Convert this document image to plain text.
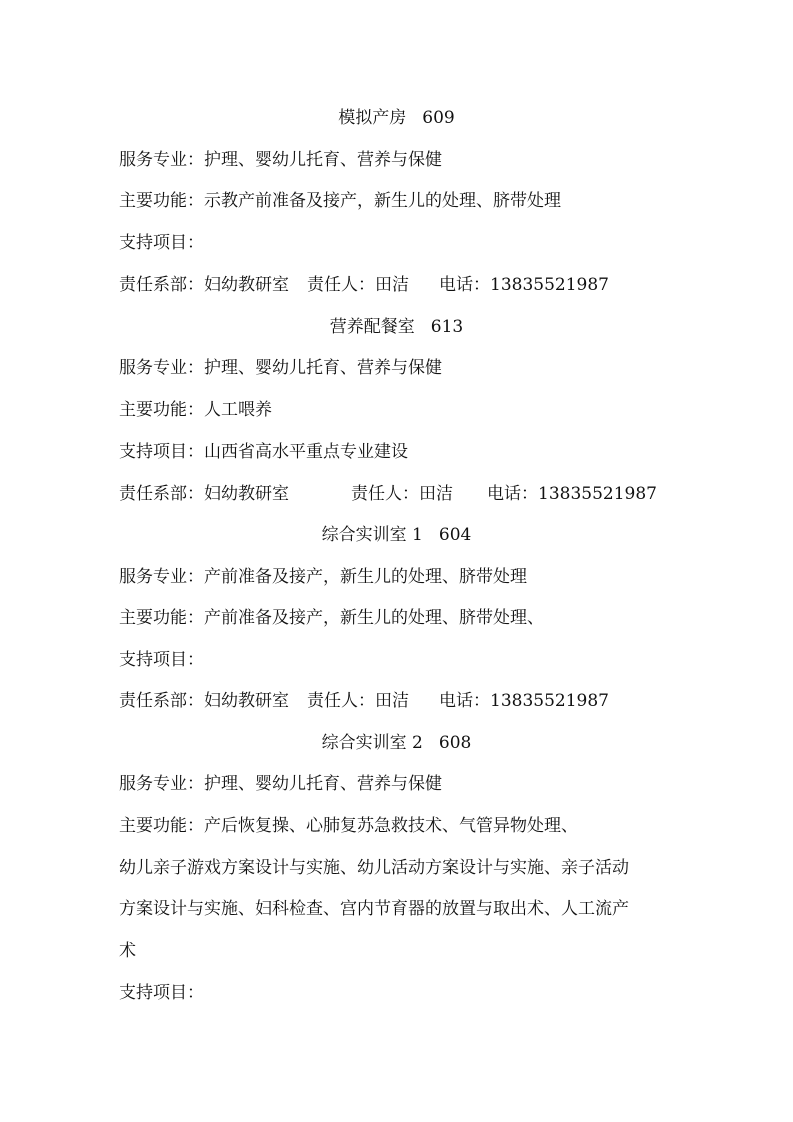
模拟产房 609
服务专业：护理、婴幼儿托育、营养与保健
主要功能：示教产前准备及接产，新生儿的处理、脐带处理
支持项目：
责任系部：妇幼教研室 责任人：田洁 电话：13835521987
营养配餐室 613
服务专业：护理、婴幼儿托育、营养与保健
主要功能：人工喂养
支持项目：山西省高水平重点专业建设
责任系部：妇幼教研室	责任人：田洁 电话：13835521987
综合实训室 1 604
服务专业：产前准备及接产，新生儿的处理、脐带处理
主要功能：产前准备及接产，新生儿的处理、脐带处理、
支持项目：
责任系部：妇幼教研室 责任人：田洁 电话：13835521987
综合实训室 2 608
服务专业：护理、婴幼儿托育、营养与保健
主要功能：产后恢复操、心肺复苏急救技术、气管异物处理、
幼儿亲子游戏方案设计与实施、幼儿活动方案设计与实施、亲子活动
方案设计与实施、妇科检查、宫内节育器的放置与取出术、人工流产
术
支持项目：
